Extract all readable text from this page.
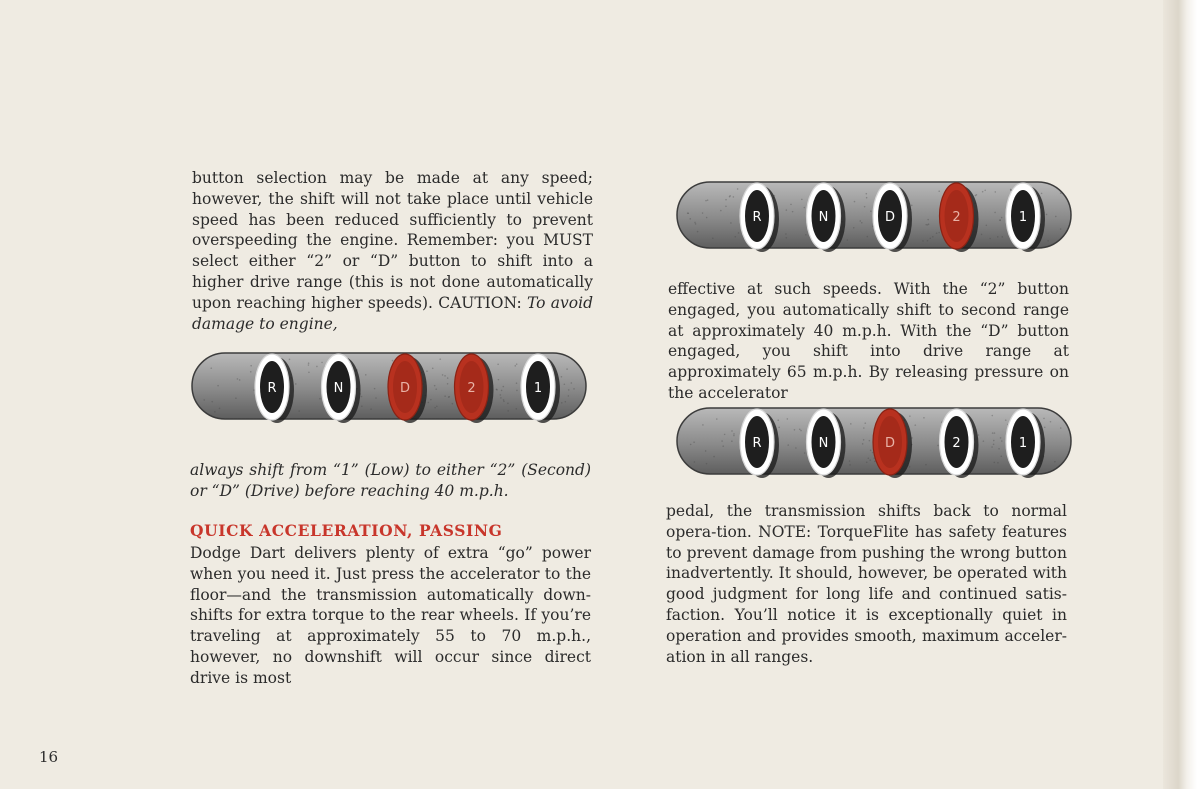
button selection may be made at any speed; however, the shift will not take place until vehicle speed has been reduced sufficiently to prevent overspeeding the engine. Remember: you MUST select either “2” or “D” button to shift into a higher drive range (this is not done automatically upon reaching higher speeds). CAUTION: To avoid damage to engine,

R	N	D	2	1
always shift from “1” (Low) to either “2” (Second) or “D” (Drive) before reaching 40 m.p.h.
QUICK ACCELERATION, PASSING
Dodge Dart delivers plenty of extra “go” power when you need it. Just press the accelerator to the floor—and the transmission automatically down-shifts for extra torque to the rear wheels. If you’re traveling at approximately 55 to 70 m.p.h., however, no downshift will occur since direct drive is most
R	N	D	2	1
effective at such speeds. With the “2” button engaged, you automatically shift to second range at approximately 40 m.p.h. With the “D” button engaged, you shift into drive range at approximately 65 m.p.h. By releasing pressure on the accelerator
R	N	D	2	1
pedal, the transmission shifts back to normal opera-tion. NOTE: TorqueFlite has safety features to prevent damage from pushing the wrong button inadvertently. It should, however, be operated with good judgment for long life and continued satis-faction. You’ll notice it is exceptionally quiet in operation and provides smooth, maximum acceler-ation in all ranges.
16
